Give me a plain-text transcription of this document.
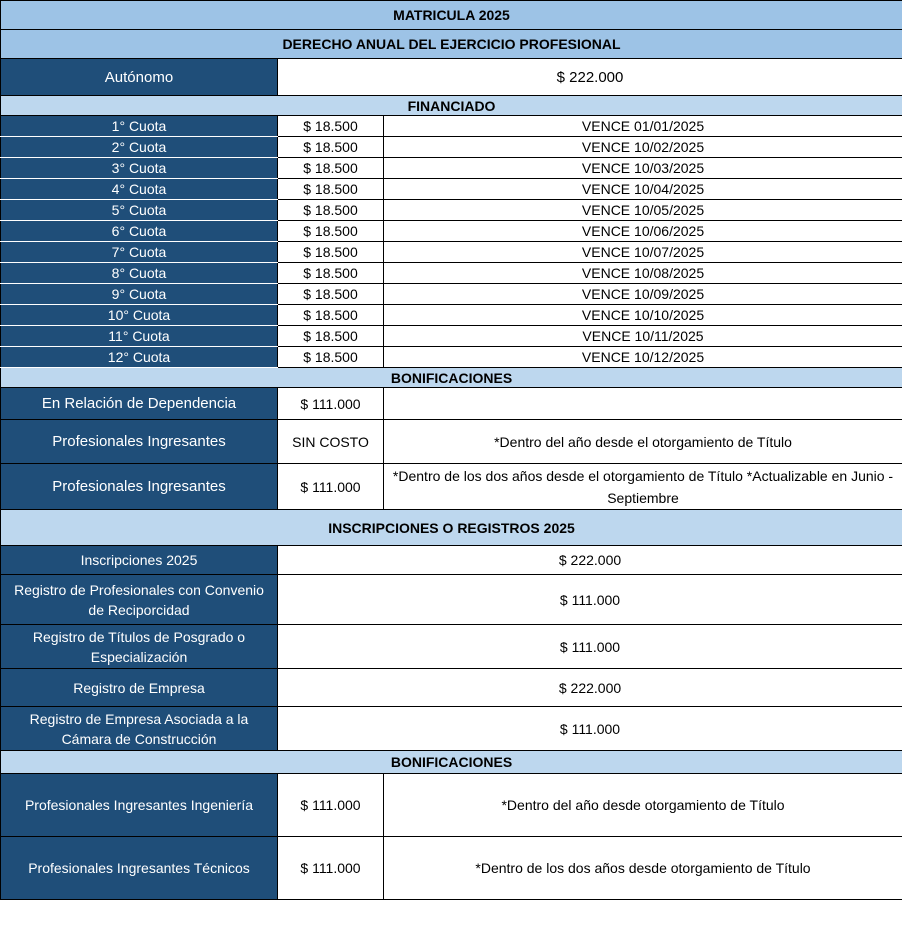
MATRICULA 2025		
DERECHO ANUAL DEL EJERCICIO PROFESIONAL		
Autónomo	$ 222.000	
FINANCIADO		
1° Cuota	$ 18.500	VENCE 01/01/2025
2° Cuota	$ 18.500	VENCE 10/02/2025
3° Cuota	$ 18.500	VENCE 10/03/2025
4° Cuota	$ 18.500	VENCE 10/04/2025
5° Cuota	$ 18.500	VENCE 10/05/2025
6° Cuota	$ 18.500	VENCE 10/06/2025
7° Cuota	$ 18.500	VENCE 10/07/2025
8° Cuota	$ 18.500	VENCE 10/08/2025
9° Cuota	$ 18.500	VENCE 10/09/2025
10° Cuota	$ 18.500	VENCE 10/10/2025
11° Cuota	$ 18.500	VENCE 10/11/2025
12° Cuota	$ 18.500	VENCE 10/12/2025
BONIFICACIONES		
En Relación de Dependencia	$ 111.000	
Profesionales Ingresantes	SIN COSTO	*Dentro del año desde el otorgamiento de Título
Profesionales Ingresantes	$ 111.000	*Dentro de los dos años desde el otorgamiento de Título *Actualizable en Junio - Septiembre
INSCRIPCIONES O REGISTROS 2025		
Inscripciones 2025	$ 222.000	
Registro de Profesionales con Convenio de Reciporcidad	$ 111.000	
Registro de Títulos de Posgrado o Especialización	$ 111.000	
Registro de Empresa	$ 222.000	
Registro de Empresa Asociada a la Cámara de Construcción	$ 111.000	
BONIFICACIONES		
Profesionales Ingresantes Ingeniería	$ 111.000	*Dentro del año desde otorgamiento de Título
Profesionales Ingresantes Técnicos	$ 111.000	*Dentro de los dos años desde otorgamiento de Título
